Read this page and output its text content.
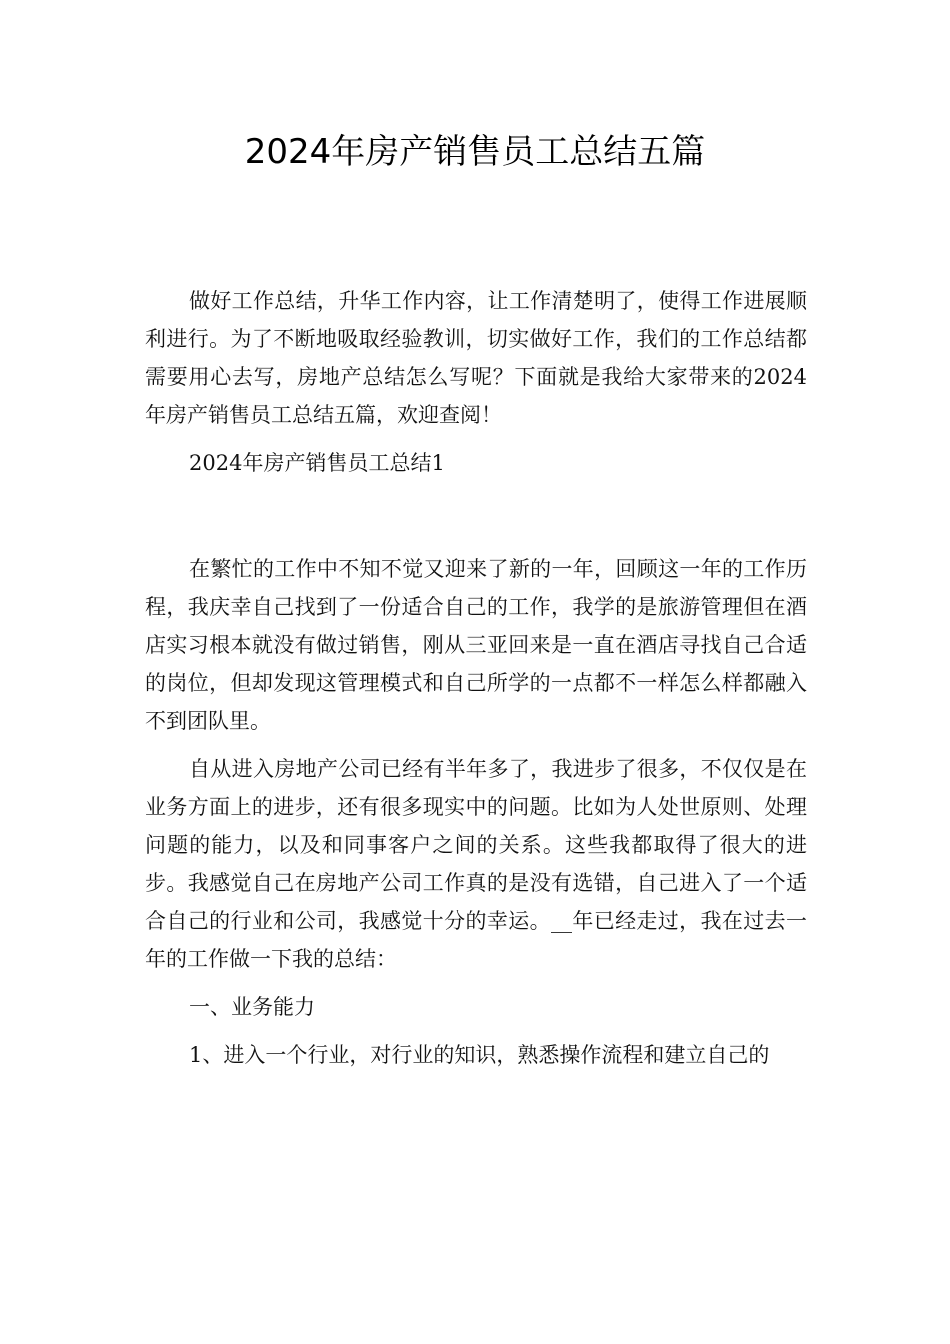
2024年房产销售员工总结五篇

做好工作总结，升华工作内容，让工作清楚明了，使得工作进展顺利进行。为了不断地吸取经验教训，切实做好工作，我们的工作总结都需要用心去写，房地产总结怎么写呢？下面就是我给大家带来的2024年房产销售员工总结五篇，欢迎查阅！

2024年房产销售员工总结1

在繁忙的工作中不知不觉又迎来了新的一年，回顾这一年的工作历程，我庆幸自己找到了一份适合自己的工作，我学的是旅游管理但在酒店实习根本就没有做过销售，刚从三亚回来是一直在酒店寻找自己合适的岗位，但却发现这管理模式和自己所学的一点都不一样怎么样都融入不到团队里。

自从进入房地产公司已经有半年多了，我进步了很多，不仅仅是在业务方面上的进步，还有很多现实中的问题。比如为人处世原则、处理问题的能力，以及和同事客户之间的关系。这些我都取得了很大的进步。我感觉自己在房地产公司工作真的是没有选错，自己进入了一个适合自己的行业和公司，我感觉十分的幸运。__年已经走过，我在过去一年的工作做一下我的总结：

一、业务能力

1、进入一个行业，对行业的知识，熟悉操作流程和建立自己的
